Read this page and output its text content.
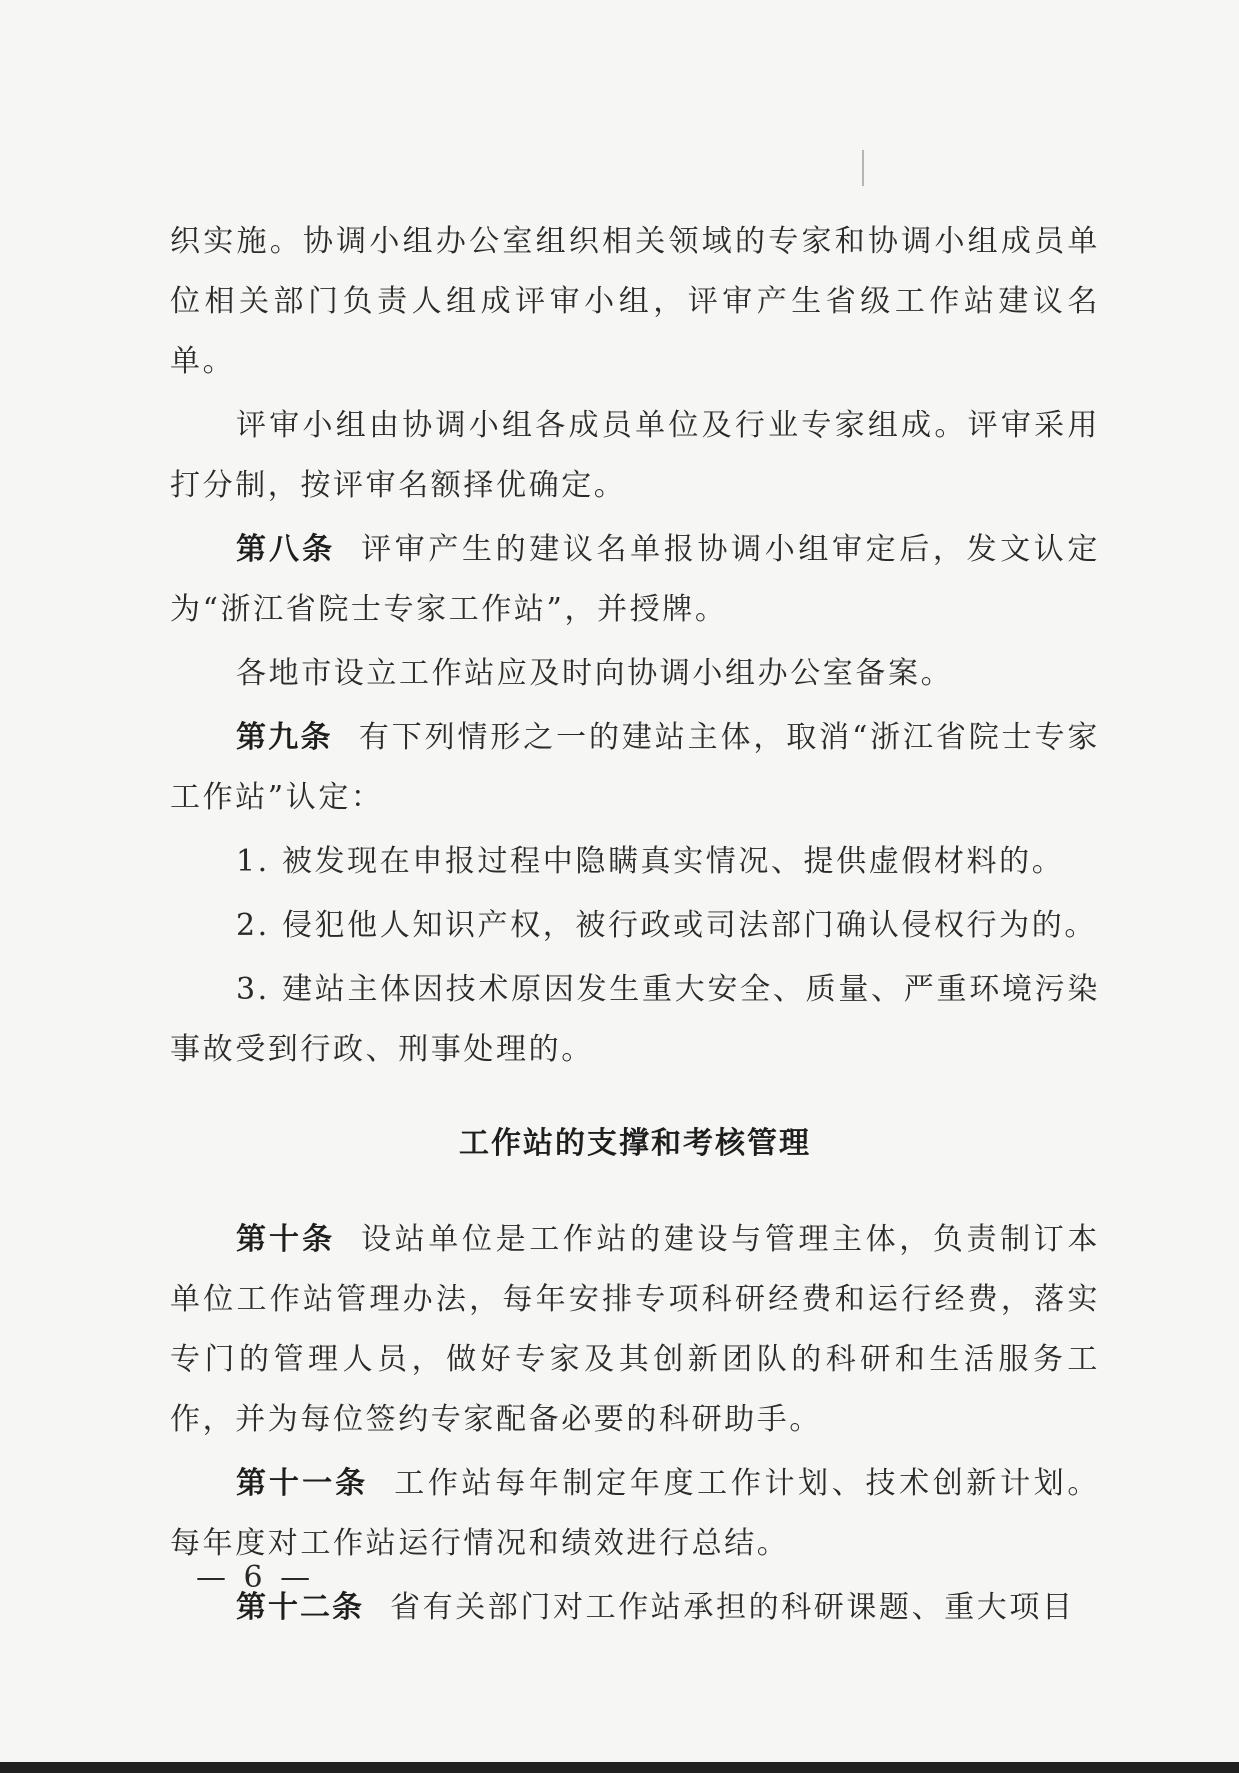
织实施。协调小组办公室组织相关领域的专家和协调小组成员单位相关部门负责人组成评审小组，评审产生省级工作站建议名单。

评审小组由协调小组各成员单位及行业专家组成。评审采用打分制，按评审名额择优确定。

第八条 评审产生的建议名单报协调小组审定后，发文认定为“浙江省院士专家工作站”，并授牌。

各地市设立工作站应及时向协调小组办公室备案。

第九条 有下列情形之一的建站主体，取消“浙江省院士专家工作站”认定：

1. 被发现在申报过程中隐瞒真实情况、提供虚假材料的。

2. 侵犯他人知识产权，被行政或司法部门确认侵权行为的。

3. 建站主体因技术原因发生重大安全、质量、严重环境污染事故受到行政、刑事处理的。

工作站的支撑和考核管理

第十条 设站单位是工作站的建设与管理主体，负责制订本单位工作站管理办法，每年安排专项科研经费和运行经费，落实专门的管理人员，做好专家及其创新团队的科研和生活服务工作，并为每位签约专家配备必要的科研助手。

第十一条 工作站每年制定年度工作计划、技术创新计划。每年度对工作站运行情况和绩效进行总结。

第十二条 省有关部门对工作站承担的科研课题、重大项目

— 6 —
